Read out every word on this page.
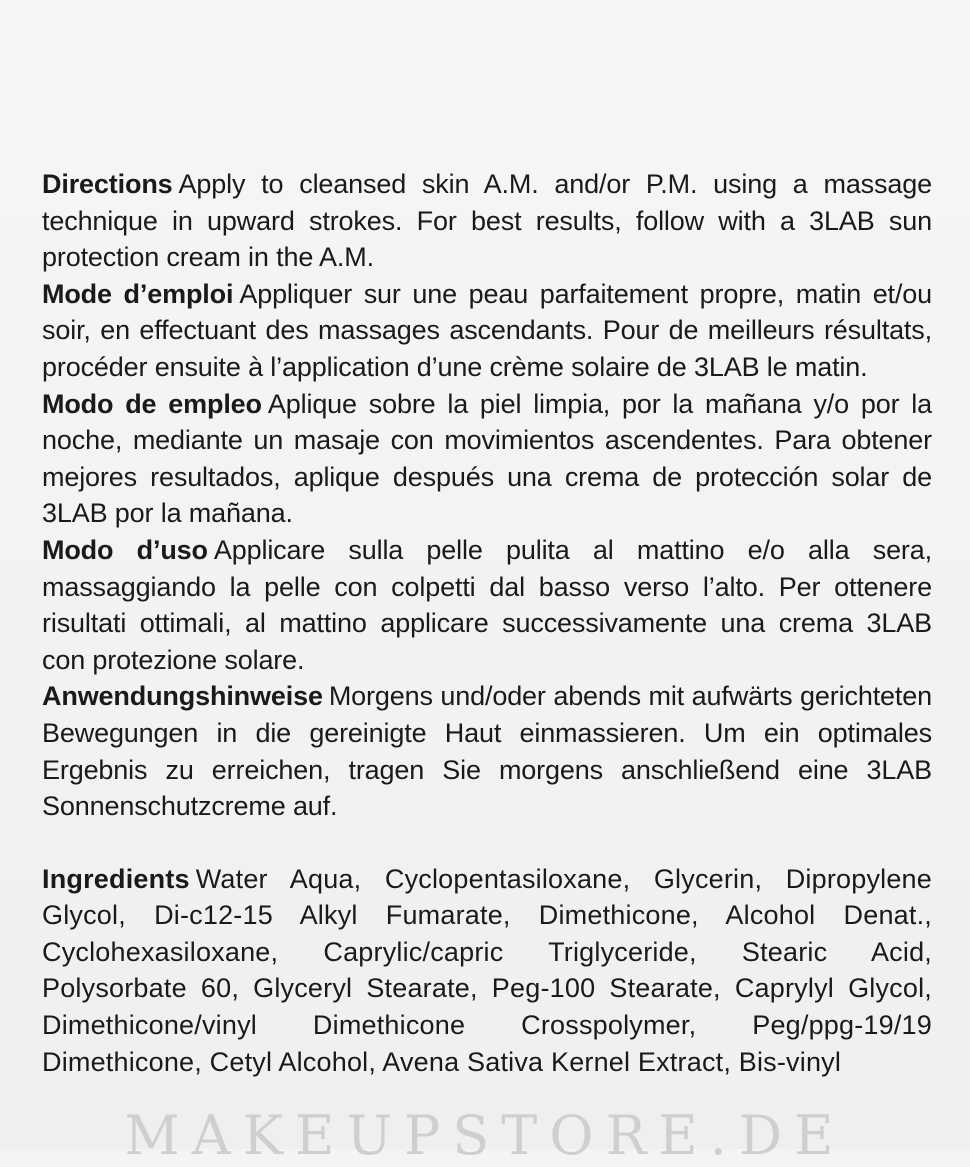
Directions Apply to cleansed skin A.M. and/or P.M. using a massage technique in upward strokes. For best results, follow with a 3LAB sun protection cream in the A.M.

Mode d’emploi Appliquer sur une peau parfaitement propre, matin et/ou soir, en effectuant des massages ascendants. Pour de meilleurs résultats, procéder ensuite à l’application d’une crème solaire de 3LAB le matin.

Modo de empleo Aplique sobre la piel limpia, por la mañana y/o por la noche, mediante un masaje con movimientos ascendentes. Para obtener mejores resultados, aplique después una crema de protección solar de 3LAB por la mañana.

Modo d’uso Applicare sulla pelle pulita al mattino e/o alla sera, massaggiando la pelle con colpetti dal basso verso l’alto. Per ottenere risultati ottimali, al mattino applicare successivamente una crema 3LAB con protezione solare.

Anwendungshinweise Morgens und/oder abends mit aufwärts gerichteten Bewegungen in die gereinigte Haut einmassieren. Um ein optimales Ergebnis zu erreichen, tragen Sie morgens anschließend eine 3LAB Sonnenschutzcreme auf.

Ingredients Water Aqua, Cyclopentasiloxane, Glycerin, Dipropylene Glycol, Di-c12-15 Alkyl Fumarate, Dimethicone, Alcohol Denat., Cyclohexasiloxane, Caprylic/capric Triglyceride, Stearic Acid, Polysorbate 60, Glyceryl Stearate, Peg-100 Stearate, Caprylyl Glycol, Dimethicone/vinyl Dimethicone Crosspolymer, Peg/ppg-19/19 Dimethicone, Cetyl Alcohol, Avena Sativa Kernel Extract, Bis-vinyl

MAKEUPSTORE.DE
